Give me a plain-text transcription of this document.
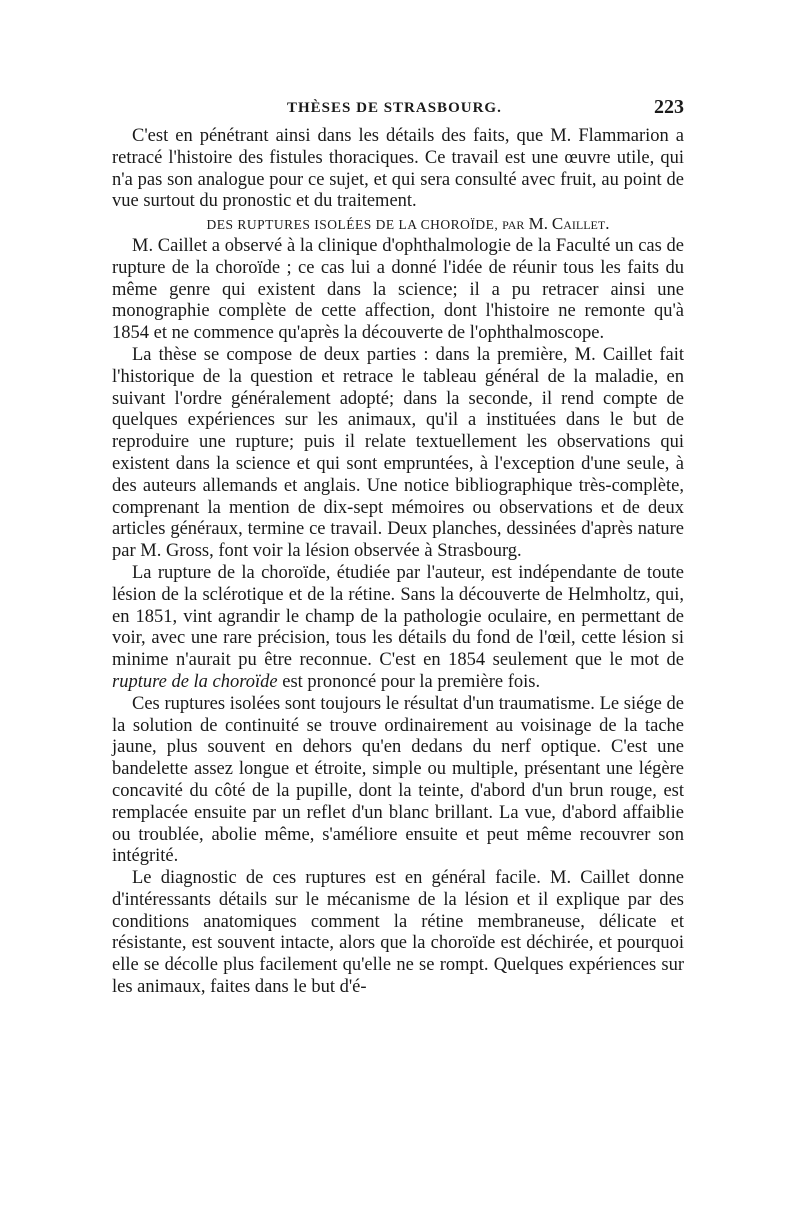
THÈSES DE STRASBOURG.	223

C'est en pénétrant ainsi dans les détails des faits, que M. Flammarion a retracé l'histoire des fistules thoraciques. Ce travail est une œuvre utile, qui n'a pas son analogue pour ce sujet, et qui sera consulté avec fruit, au point de vue surtout du pronostic et du traitement.

DES RUPTURES ISOLÉES DE LA CHOROÏDE, par M. Caillet.

M. Caillet a observé à la clinique d'ophthalmologie de la Faculté un cas de rupture de la choroïde ; ce cas lui a donné l'idée de réunir tous les faits du même genre qui existent dans la science; il a pu retracer ainsi une monographie complète de cette affection, dont l'histoire ne remonte qu'à 1854 et ne commence qu'après la découverte de l'ophthalmoscope.

La thèse se compose de deux parties : dans la première, M. Caillet fait l'historique de la question et retrace le tableau général de la maladie, en suivant l'ordre généralement adopté; dans la seconde, il rend compte de quelques expériences sur les animaux, qu'il a instituées dans le but de reproduire une rupture; puis il relate textuellement les observations qui existent dans la science et qui sont empruntées, à l'exception d'une seule, à des auteurs allemands et anglais. Une notice bibliographique très-complète, comprenant la mention de dix-sept mémoires ou observations et de deux articles généraux, termine ce travail. Deux planches, dessinées d'après nature par M. Gross, font voir la lésion observée à Strasbourg.

La rupture de la choroïde, étudiée par l'auteur, est indépendante de toute lésion de la sclérotique et de la rétine. Sans la découverte de Helmholtz, qui, en 1851, vint agrandir le champ de la pathologie oculaire, en permettant de voir, avec une rare précision, tous les détails du fond de l'œil, cette lésion si minime n'aurait pu être reconnue. C'est en 1854 seulement que le mot de rupture de la choroïde est prononcé pour la première fois.

Ces ruptures isolées sont toujours le résultat d'un traumatisme. Le siége de la solution de continuité se trouve ordinairement au voisinage de la tache jaune, plus souvent en dehors qu'en dedans du nerf optique. C'est une bandelette assez longue et étroite, simple ou multiple, présentant une légère concavité du côté de la pupille, dont la teinte, d'abord d'un brun rouge, est remplacée ensuite par un reflet d'un blanc brillant. La vue, d'abord affaiblie ou troublée, abolie même, s'améliore ensuite et peut même recouvrer son intégrité.

Le diagnostic de ces ruptures est en général facile. M. Caillet donne d'intéressants détails sur le mécanisme de la lésion et il explique par des conditions anatomiques comment la rétine membraneuse, délicate et résistante, est souvent intacte, alors que la choroïde est déchirée, et pourquoi elle se décolle plus facilement qu'elle ne se rompt. Quelques expériences sur les animaux, faites dans le but d'é-
